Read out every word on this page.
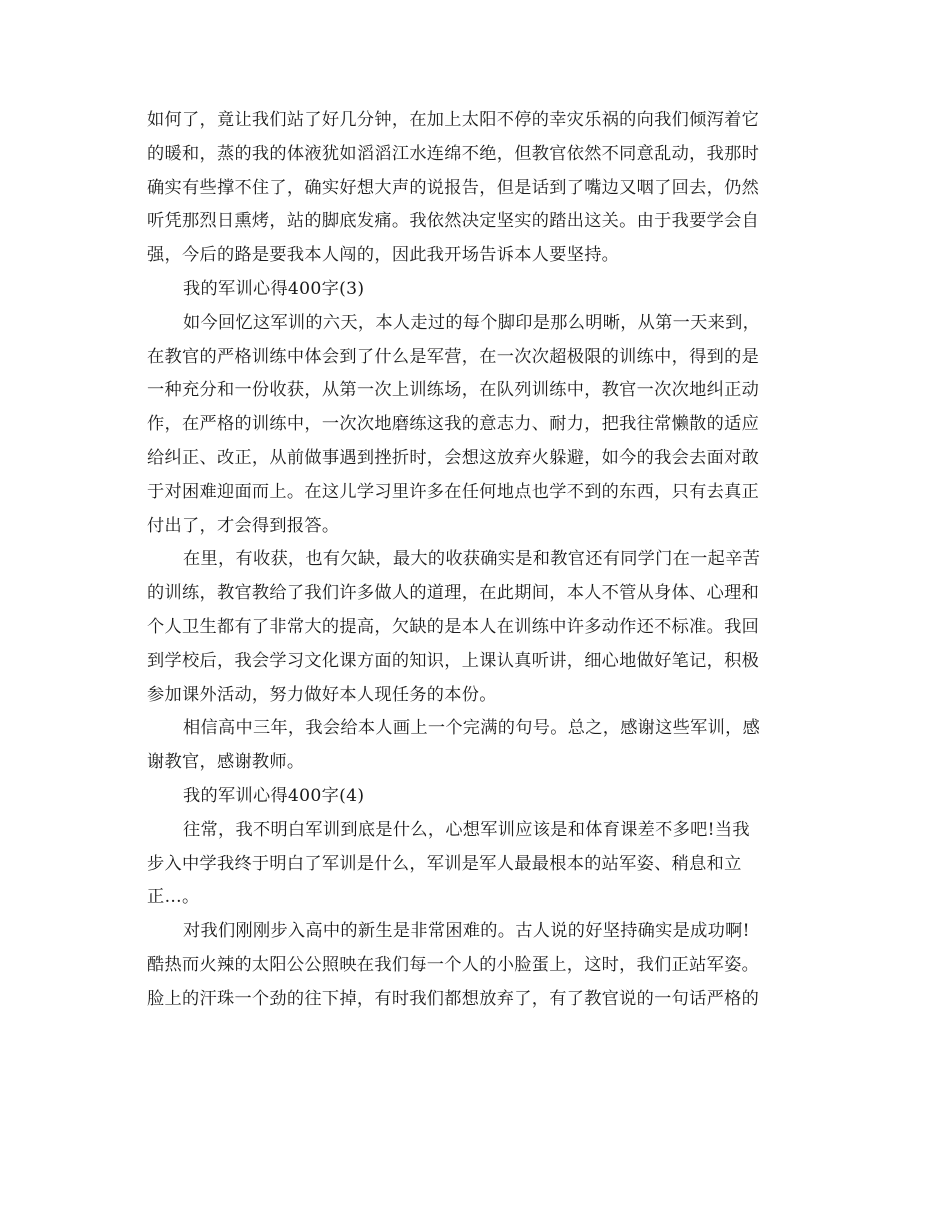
如何了，竟让我们站了好几分钟，在加上太阳不停的幸灾乐祸的向我们倾泻着它
的暖和，蒸的我的体液犹如滔滔江水连绵不绝，但教官依然不同意乱动，我那时
确实有些撑不住了，确实好想大声的说报告，但是话到了嘴边又咽了回去，仍然
听凭那烈日熏烤，站的脚底发痛。我依然决定坚实的踏出这关。由于我要学会自
强，今后的路是要我本人闯的，因此我开场告诉本人要坚持。
我的军训心得400字(3)
如今回忆这军训的六天，本人走过的每个脚印是那么明晰，从第一天来到，
在教官的严格训练中体会到了什么是军营，在一次次超极限的训练中，得到的是
一种充分和一份收获，从第一次上训练场，在队列训练中，教官一次次地纠正动
作，在严格的训练中，一次次地磨练这我的意志力、耐力，把我往常懒散的适应
给纠正、改正，从前做事遇到挫折时，会想这放弃火躲避，如今的我会去面对敢
于对困难迎面而上。在这儿学习里许多在任何地点也学不到的东西，只有去真正
付出了，才会得到报答。
在里，有收获，也有欠缺，最大的收获确实是和教官还有同学门在一起辛苦
的训练，教官教给了我们许多做人的道理，在此期间，本人不管从身体、心理和
个人卫生都有了非常大的提高，欠缺的是本人在训练中许多动作还不标准。我回
到学校后，我会学习文化课方面的知识，上课认真听讲，细心地做好笔记，积极
参加课外活动，努力做好本人现任务的本份。
相信高中三年，我会给本人画上一个完满的句号。总之，感谢这些军训，感
谢教官，感谢教师。
我的军训心得400字(4)
往常，我不明白军训到底是什么，心想军训应该是和体育课差不多吧!当我
步入中学我终于明白了军训是什么，军训是军人最最根本的站军姿、稍息和立
正…。
对我们刚刚步入高中的新生是非常困难的。古人说的好坚持确实是成功啊!
酷热而火辣的太阳公公照映在我们每一个人的小脸蛋上，这时，我们正站军姿。
脸上的汗珠一个劲的往下掉，有时我们都想放弃了，有了教官说的一句话严格的
